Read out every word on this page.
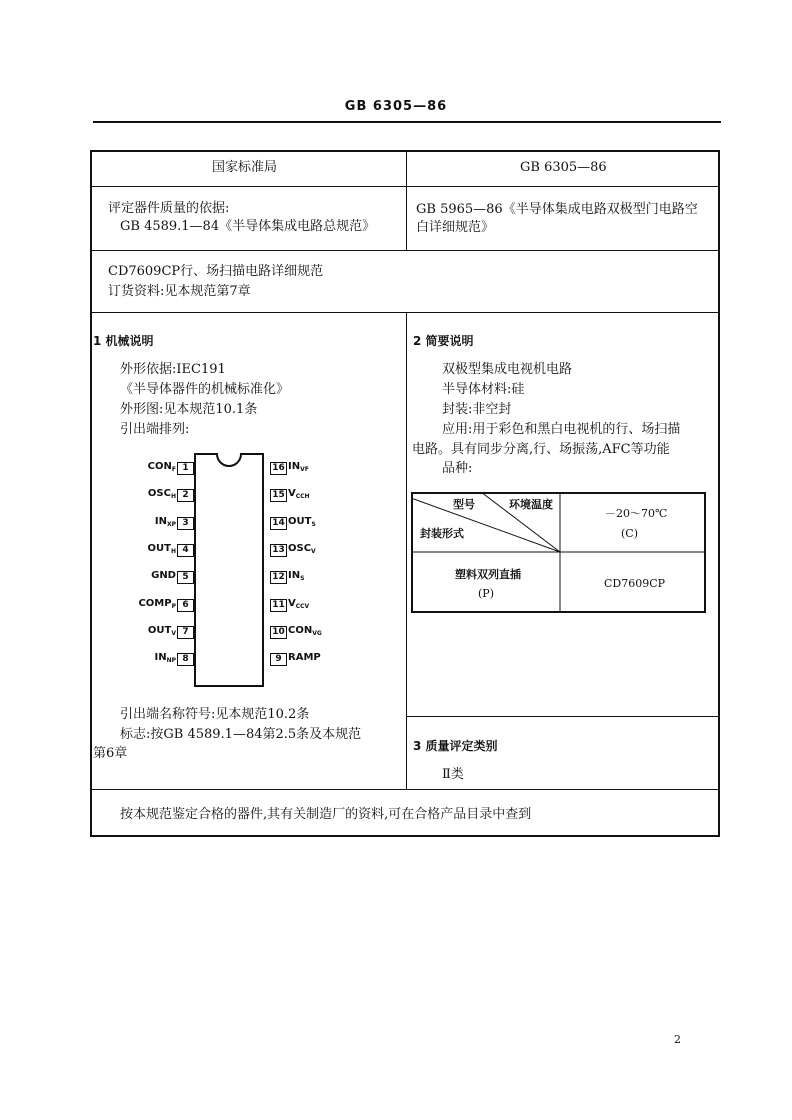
GB 6305—86
国家标准局	GB 6305—86
评定器件质量的依据:
GB 4589.1—84《半导体集成电路总规范》
GB 5965—86《半导体集成电路双极型门电路空
白详细规范》
CD7609CP行、场扫描电路详细规范
订货资料:见本规范第7章
1 机械说明
外形依据:IEC191
《半导体器件的机械标准化》
外形图:见本规范10.1条
引出端排列:
引出端名称符号:见本规范10.2条
标志:按GB 4589.1—84第2.5条及本规范
第6章
2 简要说明
双极型集成电视机电路
半导体材料:硅
封装:非空封
应用:用于彩色和黑白电视机的行、场扫描
电路。具有同步分离,行、场振荡,AFC等功能
品种:
型号	环境温度
封装形式
－20～70℃
(C)
塑料双列直插
(P)
CD7609CP
3 质量评定类别
Ⅱ类
按本规范鉴定合格的器件,其有关制造厂的资料,可在合格产品目录中查到
2
1
$CON_F$
2
$OSC_H$
3
$IN_{XP}$
4
$OUT_H$
5
GND
6
$COMP_P$
7
$OUT_V$
8
$IN_{NP}$
16 $IN_{VF}$
15 $V_{CCH}$
14 $OUT_S$
13 $OSC_V$
12 $IN_S$
11 $V_{CCV}$
10 $CON_{VG}$
9 RAMP
